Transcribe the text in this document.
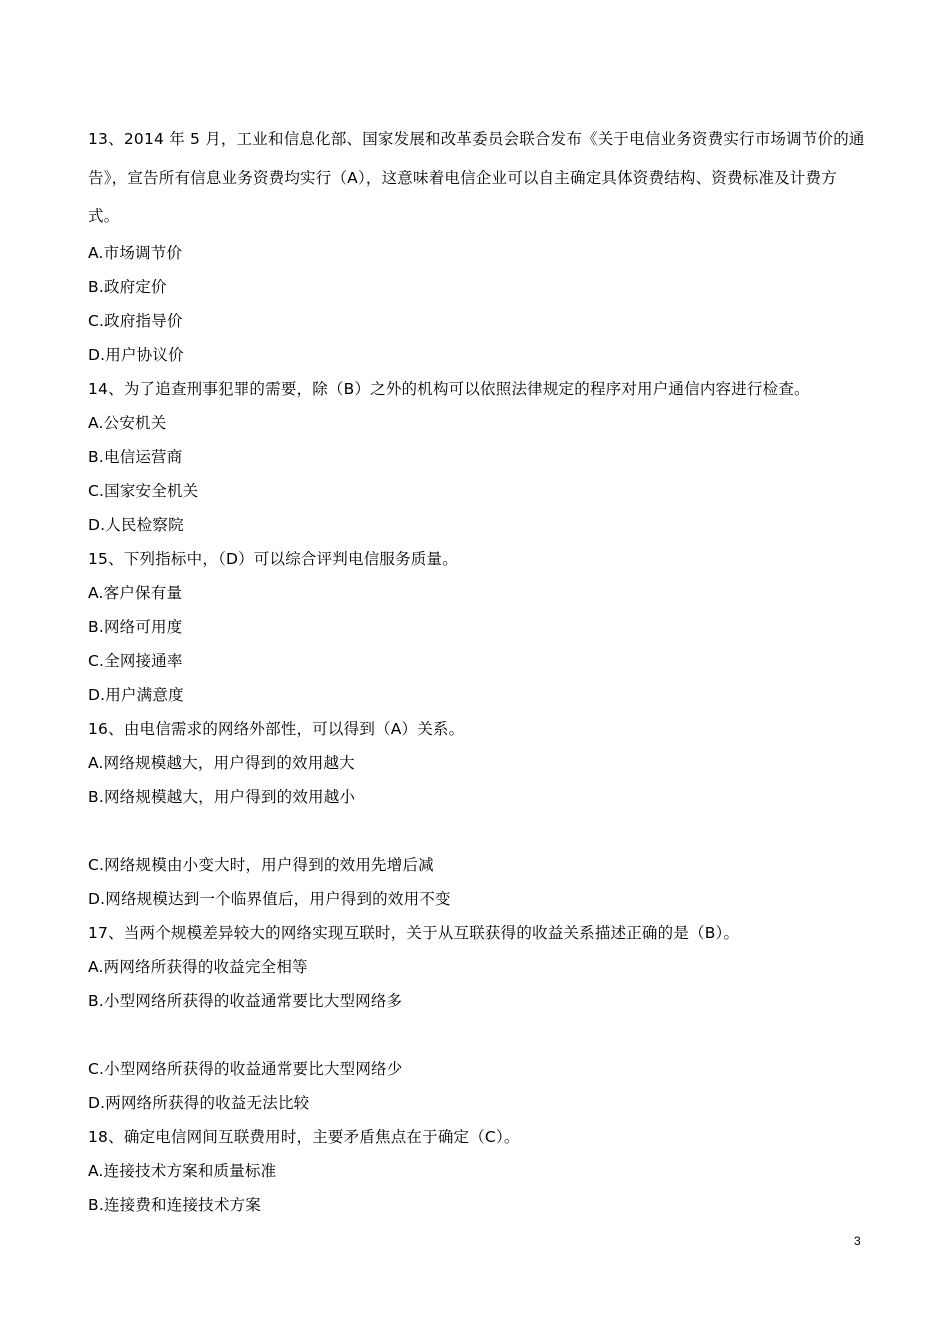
13、2014 年 5 月，工业和信息化部、国家发展和改革委员会联合发布《关于电信业务资费实行市场调节价的通告》，宣告所有信息业务资费均实行（A），这意味着电信企业可以自主确定具体资费结构、资费标准及计费方式。
A.市场调节价
B.政府定价
C.政府指导价
D.用户协议价
14、为了追查刑事犯罪的需要，除（B）之外的机构可以依照法律规定的程序对用户通信内容进行检查。
A.公安机关
B.电信运营商
C.国家安全机关
D.人民检察院
15、下列指标中，（D）可以综合评判电信服务质量。
A.客户保有量
B.网络可用度
C.全网接通率
D.用户满意度
16、由电信需求的网络外部性，可以得到（A）关系。
A.网络规模越大，用户得到的效用越大
B.网络规模越大，用户得到的效用越小
C.网络规模由小变大时，用户得到的效用先增后减
D.网络规模达到一个临界值后，用户得到的效用不变
17、当两个规模差异较大的网络实现互联时，关于从互联获得的收益关系描述正确的是（B）。
A.两网络所获得的收益完全相等
B.小型网络所获得的收益通常要比大型网络多
C.小型网络所获得的收益通常要比大型网络少
D.两网络所获得的收益无法比较
18、确定电信网间互联费用时，主要矛盾焦点在于确定（C）。
A.连接技术方案和质量标准
B.连接费和连接技术方案
3
